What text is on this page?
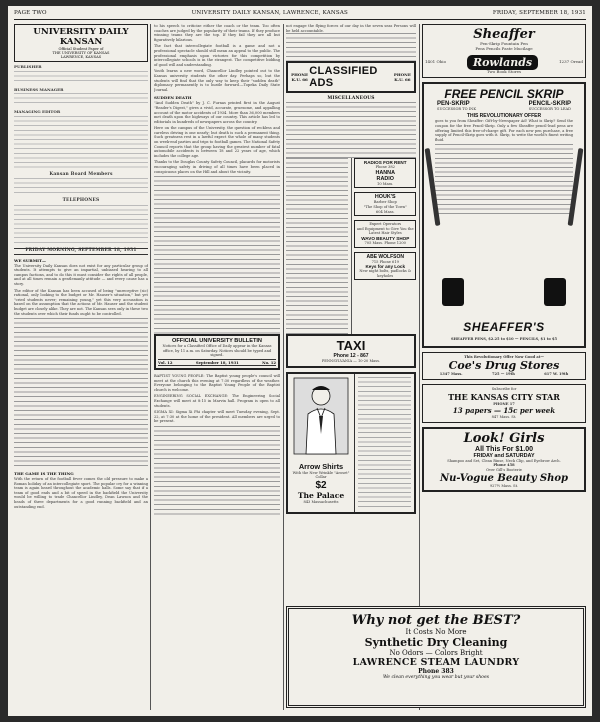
PAGE TWO	UNIVERSITY DAILY KANSAN, LAWRENCE, KANSAS	FRIDAY, SEPTEMBER 18, 1931
UNIVERSITY DAILY KANSAN
Official Student Paper of
THE UNIVERSITY OF KANSAS
LAWRENCE, KANSAS
PUBLISHER
BUSINESS MANAGER
MANAGING EDITOR
Kansan Board Members
TELEPHONES
FRIDAY MORNING, SEPTEMBER 18, 1931
WE SUBMIT—

The University Daily Kansan does not exist for any particular group of students. It attempts to give an impartial, unbiased hearing to all campus factions, and to do this it must consider the rights of all people, and at all times remain a gentlemanly attitude — and every cause has a story.

The editor of the Kansan has been accused of being "unreceptive (sic) rational, only looking to the budget or Mr. Hauser's situation," but yet "cried students never; remaining young," yet this very accusation is based on the assumption that the actions of Mr. Hauser and the student budget are closely alike. They are not. The Kansan sees only in these two the students over which their funds ought to be controlled.

THE GAME IS THE THING
With the return of the football fever comes the old pressure to make a Roman holiday of an intercollegiate sport. The popular cry for a winning team is again heard throughout the academic halls. Some say that if a team of good ends and a bit of speed in the backfield the University would be willing to trade Chancellor Lindley, Dean Lawson and the heads of three departments for a good running backfield and an outstanding end.

to his speech to criticize either the coach or the team. Too often coaches are judged by the popularity of their teams. If they produce winning teams they are the top. If they fail they are all but figuratively hilarious.

The fact that intercollegiate football is a game and not a professional spectacle should still mean an appeal to the public. The professional emphasis upon victories for this competition by intercollegiate schools is in the strangest. The competitive bidding of good will and understanding.

Youth learns a new word, Chancellor Lindley pointed out to the Kansas university students the other day. Perhaps so, but the students will find that the only way to keep their "sudden death" diplomacy permanently is to hustle forward.—Topeka Daily State Journal.

SUDDEN DEATH

"And Sudden Death" by J. C. Furnas printed first in the August "Reader's Digest," gives a vivid, accurate, gruesome, and appalling account of the motor accidents of 1934. More than 36,000 members met death upon the highways of our country. This article has led to editorials in hundreds of newspapers across the country.

Here on the campus of the University, the question of reckless and careless driving is one nearly; but death is such a permanent thing. Such greatness rest in a lawful expect the whole of many students on week-end parties and trips to football games. The National Safety Council reports that the group having the greatest number of fatal automobile accidents is between 18 and 22 years of age, which includes the college age.

Thanks to the Douglas County Safety Council, placards for motorists encouraging safety in driving of all times have been placed in conspicuous places on the Hill and about the vicinity.

OFFICIAL UNIVERSITY BULLETIN
Notices for a Classified Office of Daily appear in the Kansas office, by 11 a.m. on Saturday. Notices should be typed and signed.
Vol. 12	September 18, 1931	No. 12

BAPTIST YOUNG PEOPLE: The Baptist young people's council will meet at the church this evening at 7:30 regardless of the weather. Everyone belonging to the Baptist Young People of the Baptist church is welcome.

ENGINEERING SOCIAL EXCHANGE: The Engineering Social Exchange will meet at 8:15 in Marvin hall. Program is open to all students.

SIGMA XI: Sigma Xi Phi chapter will meet Tuesday evening, Sept. 22, at 7:30 at the home of the president. All members are urged to be present.

not engage the flying forces of our day in the seven seas Persons will be held accountable.
PHONE K.U. 66
CLASSIFIED ADS
PHONE K.U. 66
MISCELLANEOUS
RADIOS FOR RENT
Phone 382
HANNA
RADIO
10 Mass.
HOUK'S
Barber Shop
"The Shop of the Town"
604 Mass.
Expert Operators
and Equipment to Give You the Latest Hair Styles
WAVO BEAUTY SHOP
705 Mass. Phone 1200
ABE WOLFSON
715 Phone 619
Keys for any Lock
New night bolts, padlocks & keyholes
TAXI
Phone 12 - 867
PENNSYLVANIA — 10-20 Mass.
Arrow Shirts
With the New Wrinkle "Aroset" Collar
$2
The Palace
843 Massachusetts
Sheaffer
Pen-Skrip Fountain Pen
Pens Pencils Paste Mucilage
1401 Ohio	Rowlands	1237 Oread
Two Book Stores
FREE PENCIL SKRIP
PEN-SKRIP	PENCIL-SKRIP
SUCCESSOR TO INK	SUCCESSOR TO LEAD
THIS REVOLUTIONARY OFFER
goes to you from Sheaffer: Gift-by-Newspaper Ad! What is Skrip? Send the coupon for the free Pencil-Skrip. Only a few Sheaffer pencil-lead pens are offering limited this free-of-charge gift. For each new pen purchase, a free supply of Pencil-Skrip goes with it. Skrip, to write the world's finest writing fluid.
SHEAFFER'S
SHEAFFER PENS, $2.25 to $10 — PENCILS, $1 to $5
This Revolutionary Offer Now Good at—
Coe's Drug Stores
1347 Mass.	725 — 19th	617 W. 19th
Subscribe for
THE KANSAS CITY STAR
PHONE 17
13 papers — 15c per week
847 Mass. St.
Look! Girls
All This For $1.00
FRIDAY and SATURDAY
Shampoo and Set, Clean Rinse, Neck Clip, and Eyebrow Arch.
Phone 458
Over Gill's Booterie
Nu-Vogue Beauty Shop
927½ Mass. St.
Why not get the BEST?
It Costs No More
Synthetic Dry Cleaning
No Odors — Colors Bright
LAWRENCE STEAM LAUNDRY
Phone 383
We clean everything you wear but your shoes
